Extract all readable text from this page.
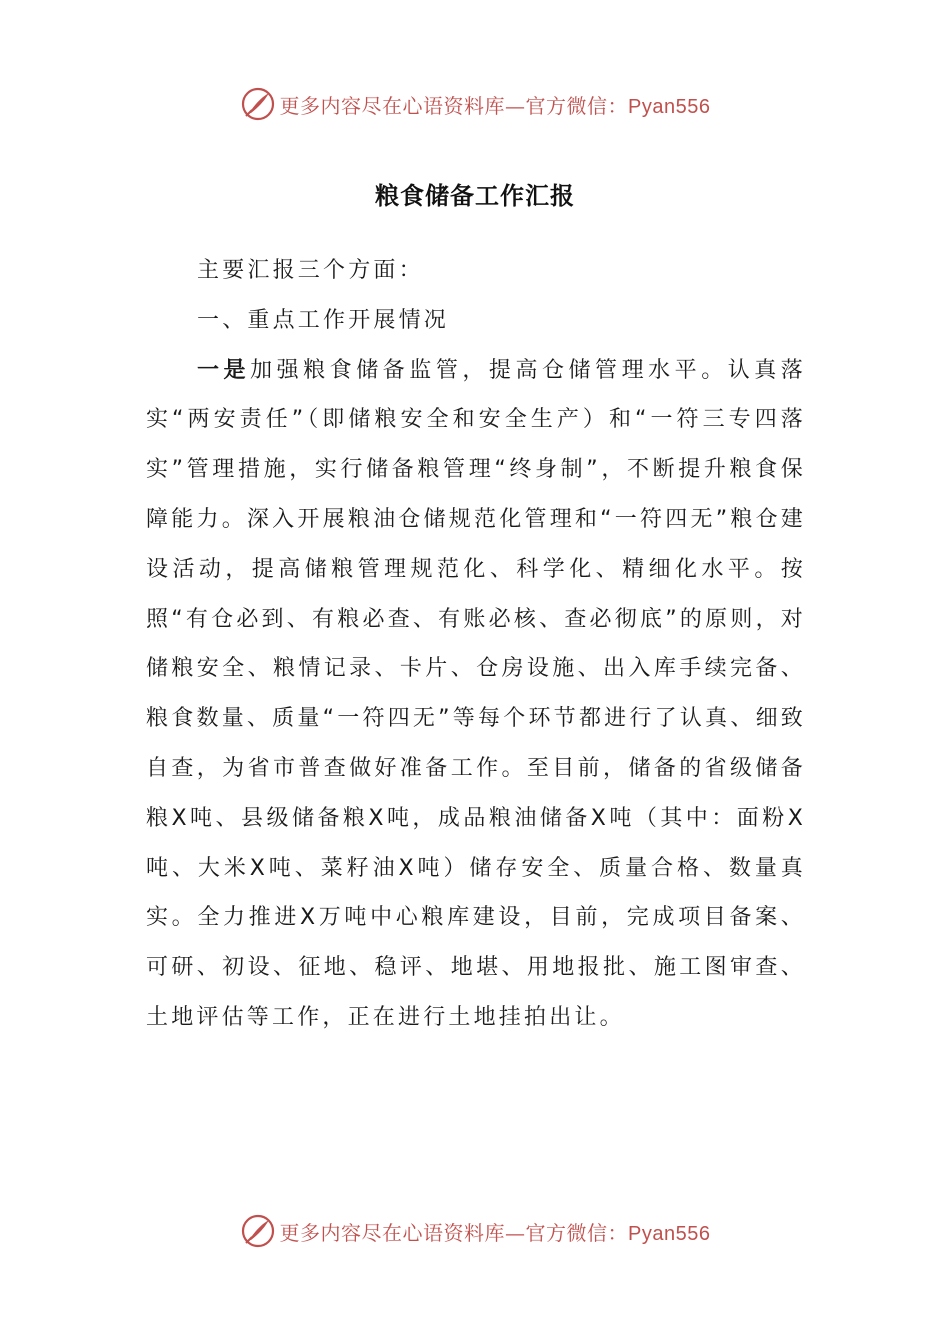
更多内容尽在心语资料库—官方微信：Pyan556
粮食储备工作汇报

主要汇报三个方面：

一、重点工作开展情况

一是加强粮食储备监管，提高仓储管理水平。认真落实“两安责任”（即储粮安全和安全生产）和“一符三专四落实”管理措施，实行储备粮管理“终身制”，不断提升粮食保障能力。深入开展粮油仓储规范化管理和“一符四无”粮仓建设活动，提高储粮管理规范化、科学化、精细化水平。按照“有仓必到、有粮必查、有账必核、查必彻底”的原则，对储粮安全、粮情记录、卡片、仓房设施、出入库手续完备、粮食数量、质量“一符四无”等每个环节都进行了认真、细致自查，为省市普查做好准备工作。至目前，储备的省级储备粮X吨、县级储备粮X吨，成品粮油储备X吨（其中：面粉X吨、大米X吨、菜籽油X吨）储存安全、质量合格、数量真实。全力推进X万吨中心粮库建设，目前，完成项目备案、可研、初设、征地、稳评、地堪、用地报批、施工图审查、土地评估等工作，正在进行土地挂拍出让。

更多内容尽在心语资料库—官方微信：Pyan556
